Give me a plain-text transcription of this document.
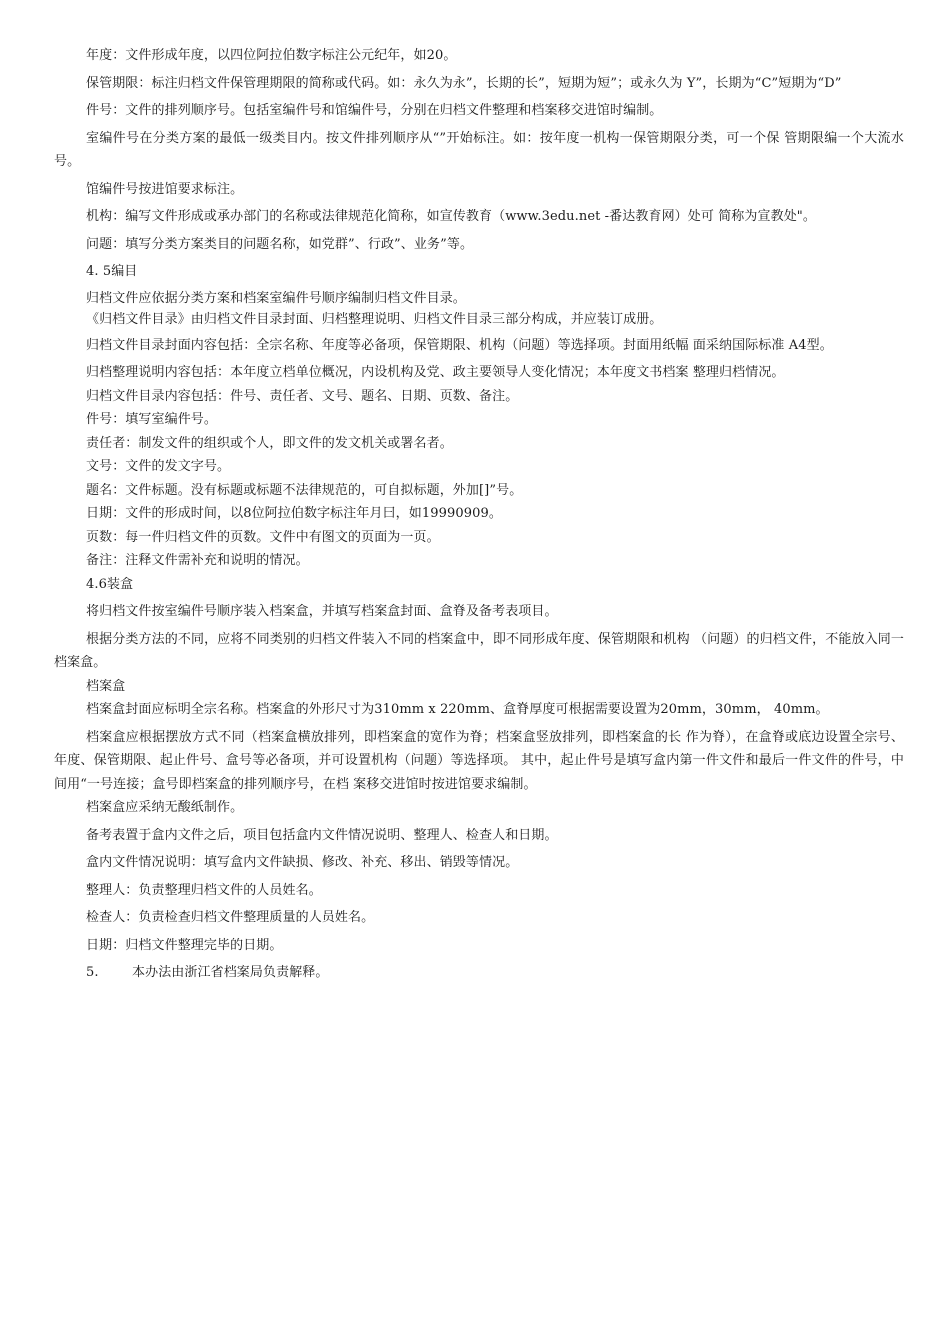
年度：文件形成年度，以四位阿拉伯数字标注公元纪年，如20。

保管期限：标注归档文件保管理期限的简称或代码。如：永久为永”，长期的长”，短期为短”；或永久为 Y”，长期为“C”短期为“D”

件号：文件的排列顺序号。包括室编件号和馆编件号，分别在归档文件整理和档案移交进馆时编制。

室编件号在分类方案的最低一级类目内。按文件排列顺序从“”开始标注。如：按年度一机构一保管期限分类，可一个保 管期限编一个大流水号。

馆编件号按进馆要求标注。

机构：编写文件形成或承办部门的名称或法律规范化简称，如宣传教育（www.3edu.net -番达教育网）处可 简称为宣教处"。

问题：填写分类方案类目的问题名称，如党群”、行政”、业务”等。

4. 5编目

归档文件应依据分类方案和档案室编件号顺序编制归档文件目录。

《归档文件目录》由归档文件目录封面、归档整理说明、归档文件目录三部分构成，并应装订成册。

归档文件目录封面内容包括：全宗名称、年度等必备项，保管期限、机构（问题）等选择项。封面用纸幅 面采纳国际标准 A4型。

归档整理说明内容包括：本年度立档单位概况，内设机构及党、政主要领导人变化情况；本年度文书档案 整理归档情况。

归档文件目录内容包括：件号、责任者、文号、题名、日期、页数、备注。

件号：填写室编件号。

责任者：制发文件的组织或个人，即文件的发文机关或署名者。

文号：文件的发文字号。

题名：文件标题。没有标题或标题不法律规范的，可自拟标题，外加[]”号。

日期：文件的形成时间，以8位阿拉伯数字标注年月曰，如19990909。

页数：每一件归档文件的页数。文件中有图文的页面为一页。

备注：注释文件需补充和说明的情况。

4.6装盒

将归档文件按室编件号顺序装入档案盒，并填写档案盒封面、盒脊及备考表项目。

根据分类方法的不同，应将不同类别的归档文件装入不同的档案盒中，即不同形成年度、保管期限和机构 （问题）的归档文件，不能放入同一档案盒。

档案盒

档案盒封面应标明全宗名称。档案盒的外形尺寸为310mm x 220mm、盒脊厚度可根据需要设置为20mm，30mm， 40mm。

档案盒应根据摆放方式不同（档案盒横放排列，即档案盒的宽作为脊；档案盒竖放排列，即档案盒的长 作为脊），在盒脊或底边设置全宗号、年度、保管期限、起止件号、盒号等必备项，并可设置机构（问题）等选择项。 其中，起止件号是填写盒内第一件文件和最后一件文件的件号，中间用“一号连接；盒号即档案盒的排列顺序号，在档 案移交进馆时按进馆要求编制。

档案盒应采纳无酸纸制作。

备考表置于盒内文件之后，项目包括盒内文件情况说明、整理人、检查人和日期。

盒内文件情况说明：填写盒内文件缺损、修改、补充、移出、销毁等情况。

整理人：负责整理归档文件的人员姓名。

检查人：负责检查归档文件整理质量的人员姓名。

日期：归档文件整理完毕的日期。

5.	本办法由浙江省档案局负责解释。
